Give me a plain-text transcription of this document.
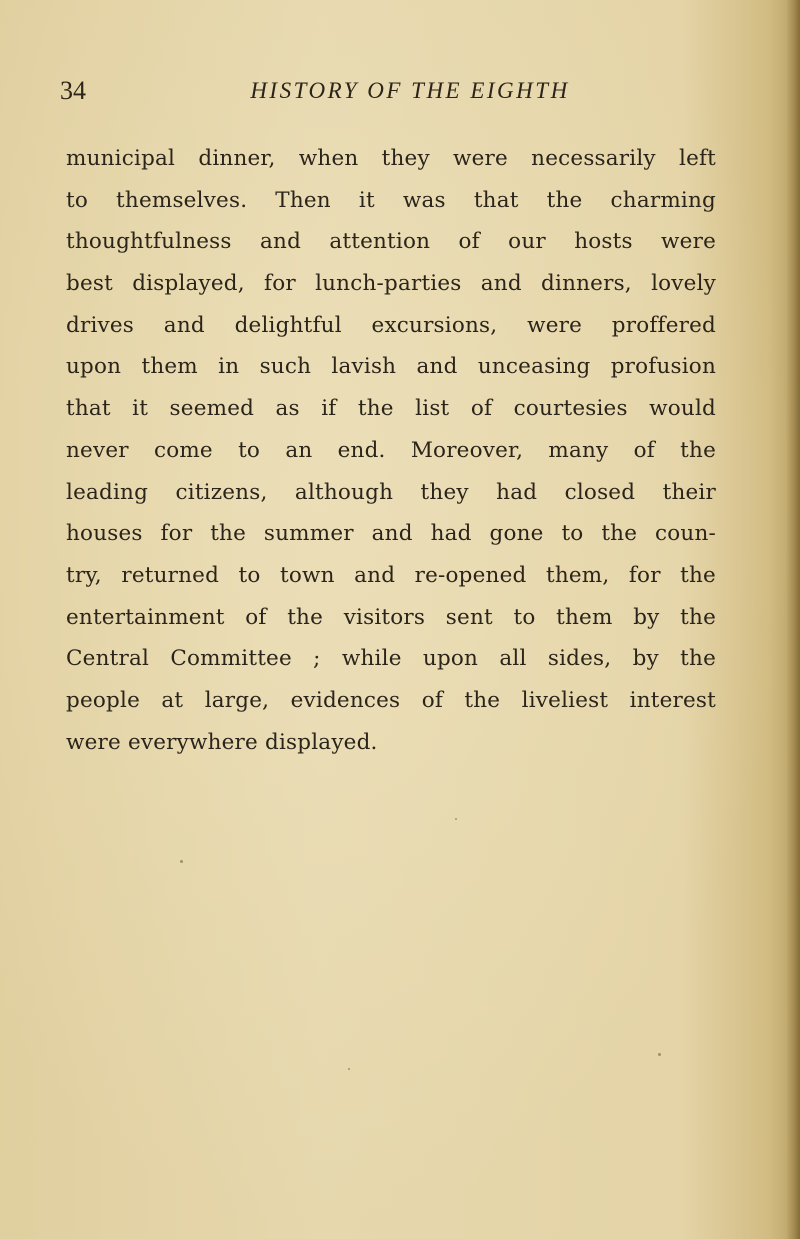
34	HISTORY OF THE EIGHTH
municipal dinner, when they were necessarily left
to themselves. Then it was that the charming
thoughtfulness and attention of our hosts were
best displayed, for lunch-parties and dinners, lovely
drives and delightful excursions, were proffered
upon them in such lavish and unceasing profusion
that it seemed as if the list of courtesies would
never come to an end. Moreover, many of the
leading citizens, although they had closed their
houses for the summer and had gone to the coun-
try, returned to town and re-opened them, for the
entertainment of the visitors sent to them by the
Central Committee ; while upon all sides, by the
people at large, evidences of the liveliest interest
were everywhere displayed.
